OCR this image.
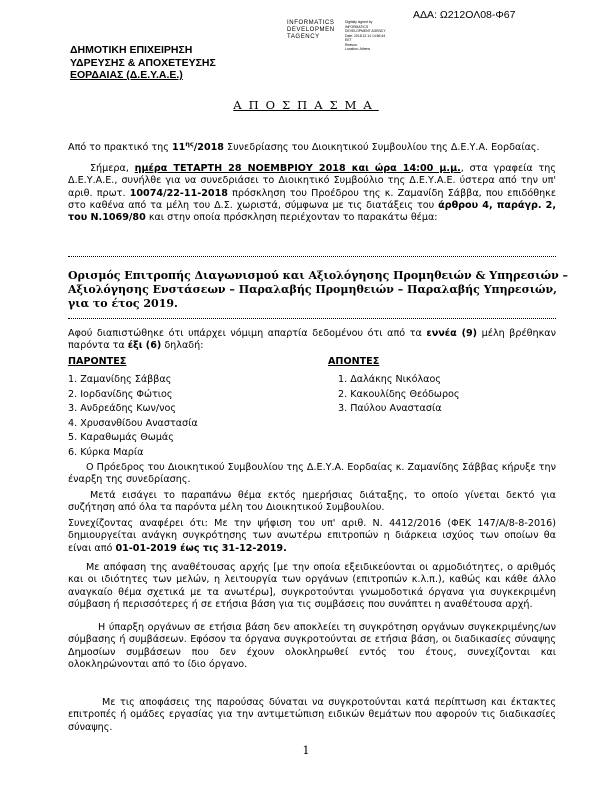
ΑΔΑ: Ω212ΟΛ08-Φ67
INFORMATICS
DEVELOPMEN
TAGENCY
Digitally signed by
INFORMATICS
DEVELOPMENT AGENCY
Date: 2018.12.14 14:56:44
EET
Reason:
Location: Athens
ΔΗΜΟΤΙΚΗ ΕΠΙΧΕΙΡΗΣΗ
ΥΔΡΕΥΣΗΣ & ΑΠΟΧΕΤΕΥΣΗΣ
ΕΟΡΔΑΙΑΣ (Δ.Ε.Υ.Α.Ε.)
ΑΠΟΣΠΑΣΜΑ
Από το πρακτικό της $11^{\eta\varsigma}/2018$ Συνεδρίασης του Διοικητικού Συμβουλίου της Δ.Ε.Υ.Α. Εορδαίας.
Σήμερα, ημέρα ΤΕΤΑΡΤΗ 28 ΝΟΕΜΒΡΙΟΥ 2018 και ώρα 14:00 μ.μ., στα γραφεία της Δ.Ε.Υ.Α.Ε., συνήλθε για να συνεδριάσει το Διοικητικό Συμβούλιο της Δ.Ε.Υ.Α.Ε. ύστερα από την υπ' αριθ. πρωτ. 10074/22-11-2018 πρόσκληση του Προέδρου της κ. Ζαμανίδη Σάββα, που επιδόθηκε στο καθένα από τα μέλη του Δ.Σ. χωριστά, σύμφωνα με τις διατάξεις του άρθρου 4, παράγρ. 2, του Ν.1069/80 και στην οποία πρόσκληση περιέχονταν το παρακάτω θέμα:
Ορισμός Επιτροπής Διαγωνισμού και Αξιολόγησης Προμηθειών & Υπηρεσιών – Αξιολόγησης Ενστάσεων – Παραλαβής Προμηθειών – Παραλαβής Υπηρεσιών, για το έτος 2019.
Αφού διαπιστώθηκε ότι υπάρχει νόμιμη απαρτία δεδομένου ότι από τα εννέα (9) μέλη βρέθηκαν παρόντα τα έξι (6) δηλαδή:
ΠΑΡΟΝΤΕΣ	ΑΠΟΝΤΕΣ
1. Ζαμανίδης Σάββας
2. Ιορδανίδης Φώτιος
3. Ανδρεάδης Κων/νος
4. Χρυσανθίδου Αναστασία
5. Καραθωμάς Θωμάς
6. Κύρκα Μαρία
1. Δαλάκης Νικόλαος
2. Κακουλίδης Θεόδωρος
3. Παύλου Αναστασία
Ο Πρόεδρος του Διοικητικού Συμβουλίου της Δ.Ε.Υ.Α. Εορδαίας κ. Ζαμανίδης Σάββας κήρυξε την έναρξη της συνεδρίασης.
Μετά εισάγει το παραπάνω θέμα εκτός ημερήσιας διάταξης, το οποίο γίνεται δεκτό για συζήτηση από όλα τα παρόντα μέλη του Διοικητικού Συμβουλίου.
Συνεχίζοντας αναφέρει ότι: Με την ψήφιση του υπ' αριθ. Ν. 4412/2016 (ΦΕΚ 147/Α/8-8-2016) δημιουργείται ανάγκη συγκρότησης των ανωτέρω επιτροπών η διάρκεια ισχύος των οποίων θα είναι από 01-01-2019 έως τις 31-12-2019.
Με απόφαση της αναθέτουσας αρχής [με την οποία εξειδικεύονται οι αρμοδιότητες, ο αριθμός και οι ιδιότητες των μελών, η λειτουργία των οργάνων (επιτροπών κ.λ.π.), καθώς και κάθε άλλο αναγκαίο θέμα σχετικά με τα ανωτέρω], συγκροτούνται γνωμοδοτικά όργανα για συγκεκριμένη σύμβαση ή περισσότερες ή σε ετήσια βάση για τις συμβάσεις που συνάπτει η αναθέτουσα αρχή.
Η ύπαρξη οργάνων σε ετήσια βάση δεν αποκλείει τη συγκρότηση οργάνων συγκεκριμένης/ων σύμβασης ή συμβάσεων. Εφόσον τα όργανα συγκροτούνται σε ετήσια βάση, οι διαδικασίες σύναψης Δημοσίων συμβάσεων που δεν έχουν ολοκληρωθεί εντός του έτους, συνεχίζονται και ολοκληρώνονται από το ίδιο όργανο.
Με τις αποφάσεις της παρούσας δύναται να συγκροτούνται κατά περίπτωση και έκτακτες επιτροπές ή ομάδες εργασίας για την αντιμετώπιση ειδικών θεμάτων που αφορούν τις διαδικασίες σύναψης.
1
